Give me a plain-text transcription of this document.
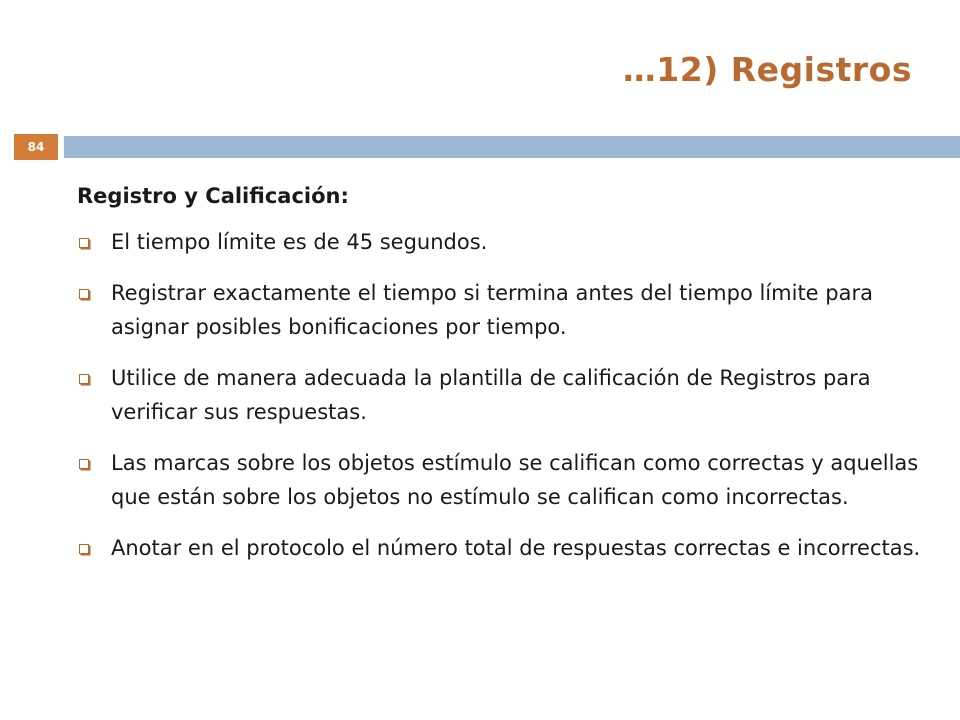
…12) Registros
84
Registro y Calificación:
El tiempo límite es de 45 segundos.
Registrar exactamente el tiempo si termina antes del tiempo límite para asignar posibles bonificaciones por tiempo.
Utilice de manera adecuada la plantilla de calificación de Registros para verificar sus respuestas.
Las marcas sobre los objetos estímulo se califican como correctas y aquellas que están sobre los objetos no estímulo se califican como incorrectas.
Anotar en el protocolo el número total de respuestas correctas e incorrectas.
